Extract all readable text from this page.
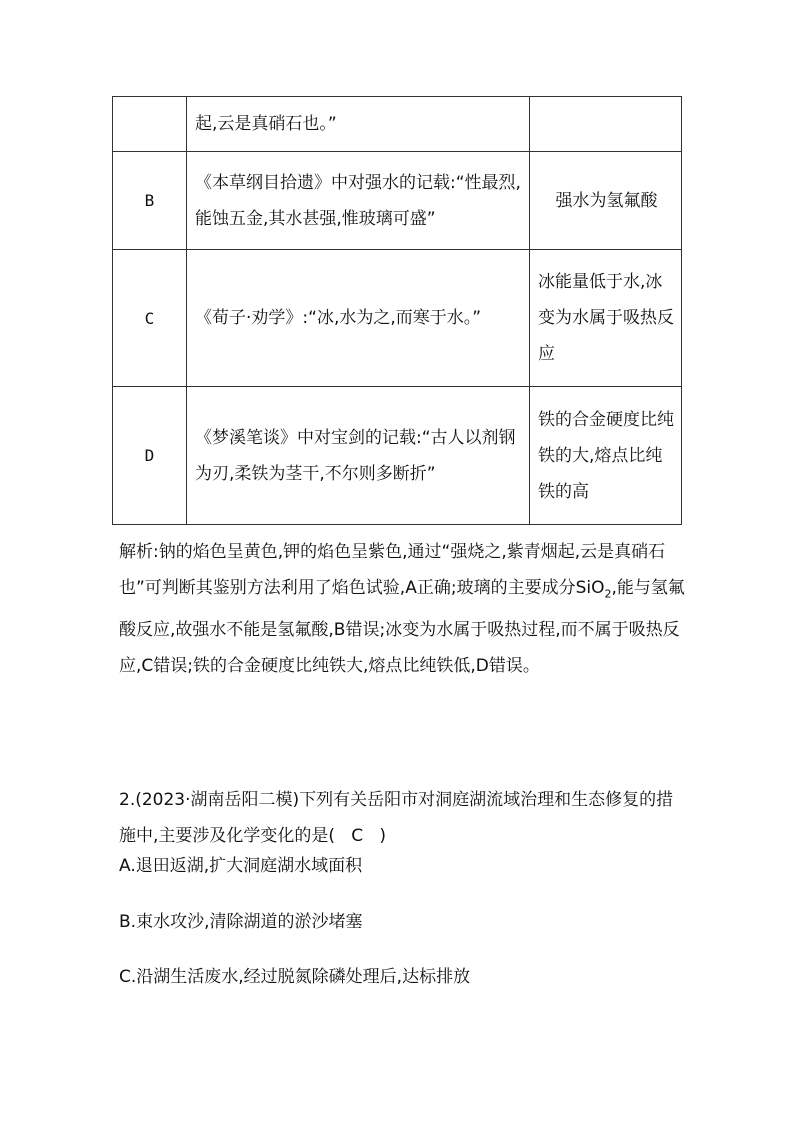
	起,云是真硝石也。”	
B	《本草纲目拾遗》中对强水的记载:“性最烈,能蚀五金,其水甚强,惟玻璃可盛”	强水为氢氟酸
C	《荀子·劝学》:“冰,水为之,而寒于水。”	冰能量低于水,冰变为水属于吸热反应
D	《梦溪笔谈》中对宝剑的记载:“古人以剂钢为刃,柔铁为茎干,不尔则多断折”	铁的合金硬度比纯铁的大,熔点比纯铁的高
解析:钠的焰色呈黄色,钾的焰色呈紫色,通过“强烧之,紫青烟起,云是真硝石也”可判断其鉴别方法利用了焰色试验,A正确;玻璃的主要成分SiO$_2$,能与氢氟酸反应,故强水不能是氢氟酸,B错误;冰变为水属于吸热过程,而不属于吸热反应,C错误;铁的合金硬度比纯铁大,熔点比纯铁低,D错误。
2.(2023·湖南岳阳二模)下列有关岳阳市对洞庭湖流域治理和生态修复的措施中,主要涉及化学变化的是( C )
A.退田返湖,扩大洞庭湖水域面积
B.束水攻沙,清除湖道的淤沙堵塞
C.沿湖生活废水,经过脱氮除磷处理后,达标排放
